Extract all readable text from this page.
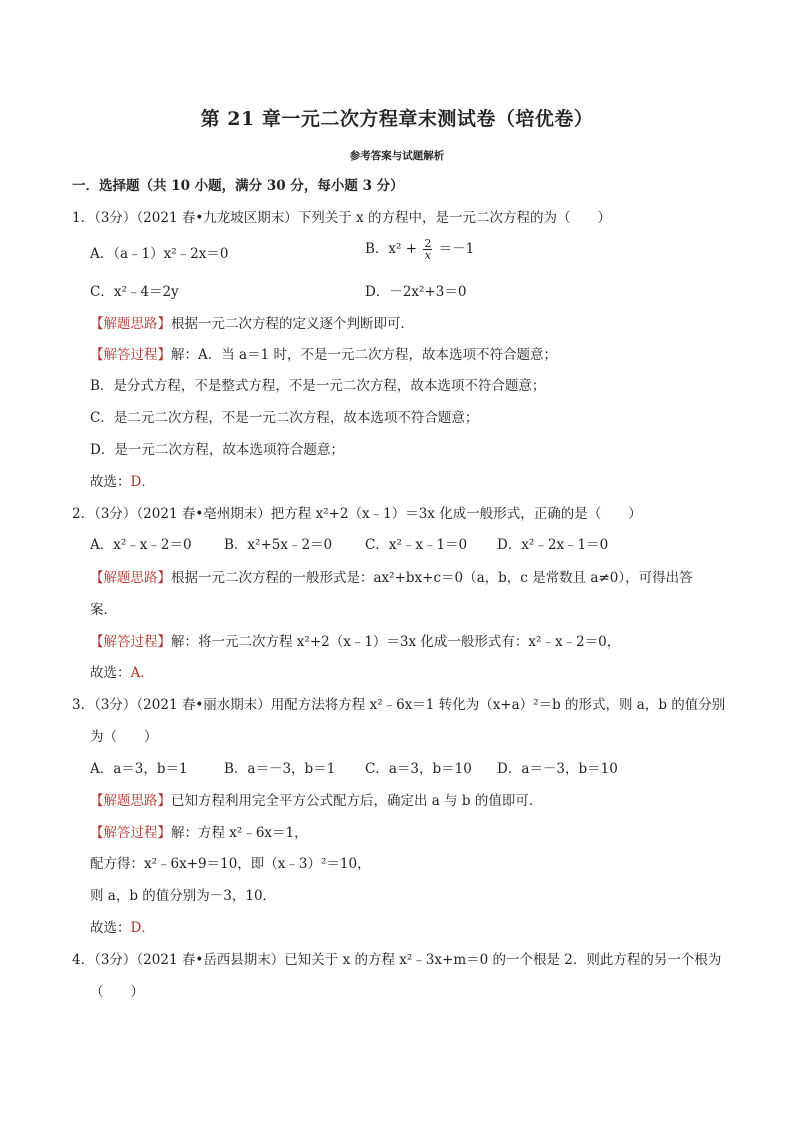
第 21 章一元二次方程章末测试卷（培优卷）
参考答案与试题解析
一．选择题（共 10 小题，满分 30 分，每小题 3 分）
1．（3分）（2021 春•九龙坡区期末）下列关于 x 的方程中，是一元二次方程的为（　　）
A．（a﹣1）x²﹣2x＝0	B．$x^2 + \frac{2}{x} =-1$
C．x²﹣4＝2y	D．－2x²+3＝0
【解题思路】根据一元二次方程的定义逐个判断即可．
【解答过程】解：A．当 a＝1 时，不是一元二次方程，故本选项不符合题意；
B．是分式方程，不是整式方程，不是一元二次方程，故本选项不符合题意；
C．是二元二次方程，不是一元二次方程，故本选项不符合题意；
D．是一元二次方程，故本选项符合题意；
故选：D．
2．（3分）（2021 春•亳州期末）把方程 x²+2（x﹣1）＝3x 化成一般形式，正确的是（　　）
A．x²﹣x﹣2＝0 B．x²+5x﹣2＝0 C．x²﹣x﹣1＝0 D．x²﹣2x﹣1＝0
【解题思路】根据一元二次方程的一般形式是：ax²+bx+c＝0（a，b，c 是常数且 a≠0），可得出答
案．
【解答过程】解：将一元二次方程 x²+2（x﹣1）＝3x 化成一般形式有：x²﹣x﹣2＝0，
故选：A．
3．（3分）（2021 春•丽水期末）用配方法将方程 x²﹣6x＝1 转化为（x+a）²＝b 的形式，则 a，b 的值分别
为（　　）
A．a＝3，b＝1	B．a＝－3，b＝1 C．a＝3，b＝10 D．a＝－3，b＝10
【解题思路】已知方程利用完全平方公式配方后，确定出 a 与 b 的值即可．
【解答过程】解：方程 x²﹣6x＝1，
配方得：x²﹣6x+9＝10，即（x﹣3）²＝10，
则 a，b 的值分别为－3，10．
故选：D．
4．（3分）（2021 春•岳西县期末）已知关于 x 的方程 x²﹣3x+m＝0 的一个根是 2．则此方程的另一个根为
（　　）
